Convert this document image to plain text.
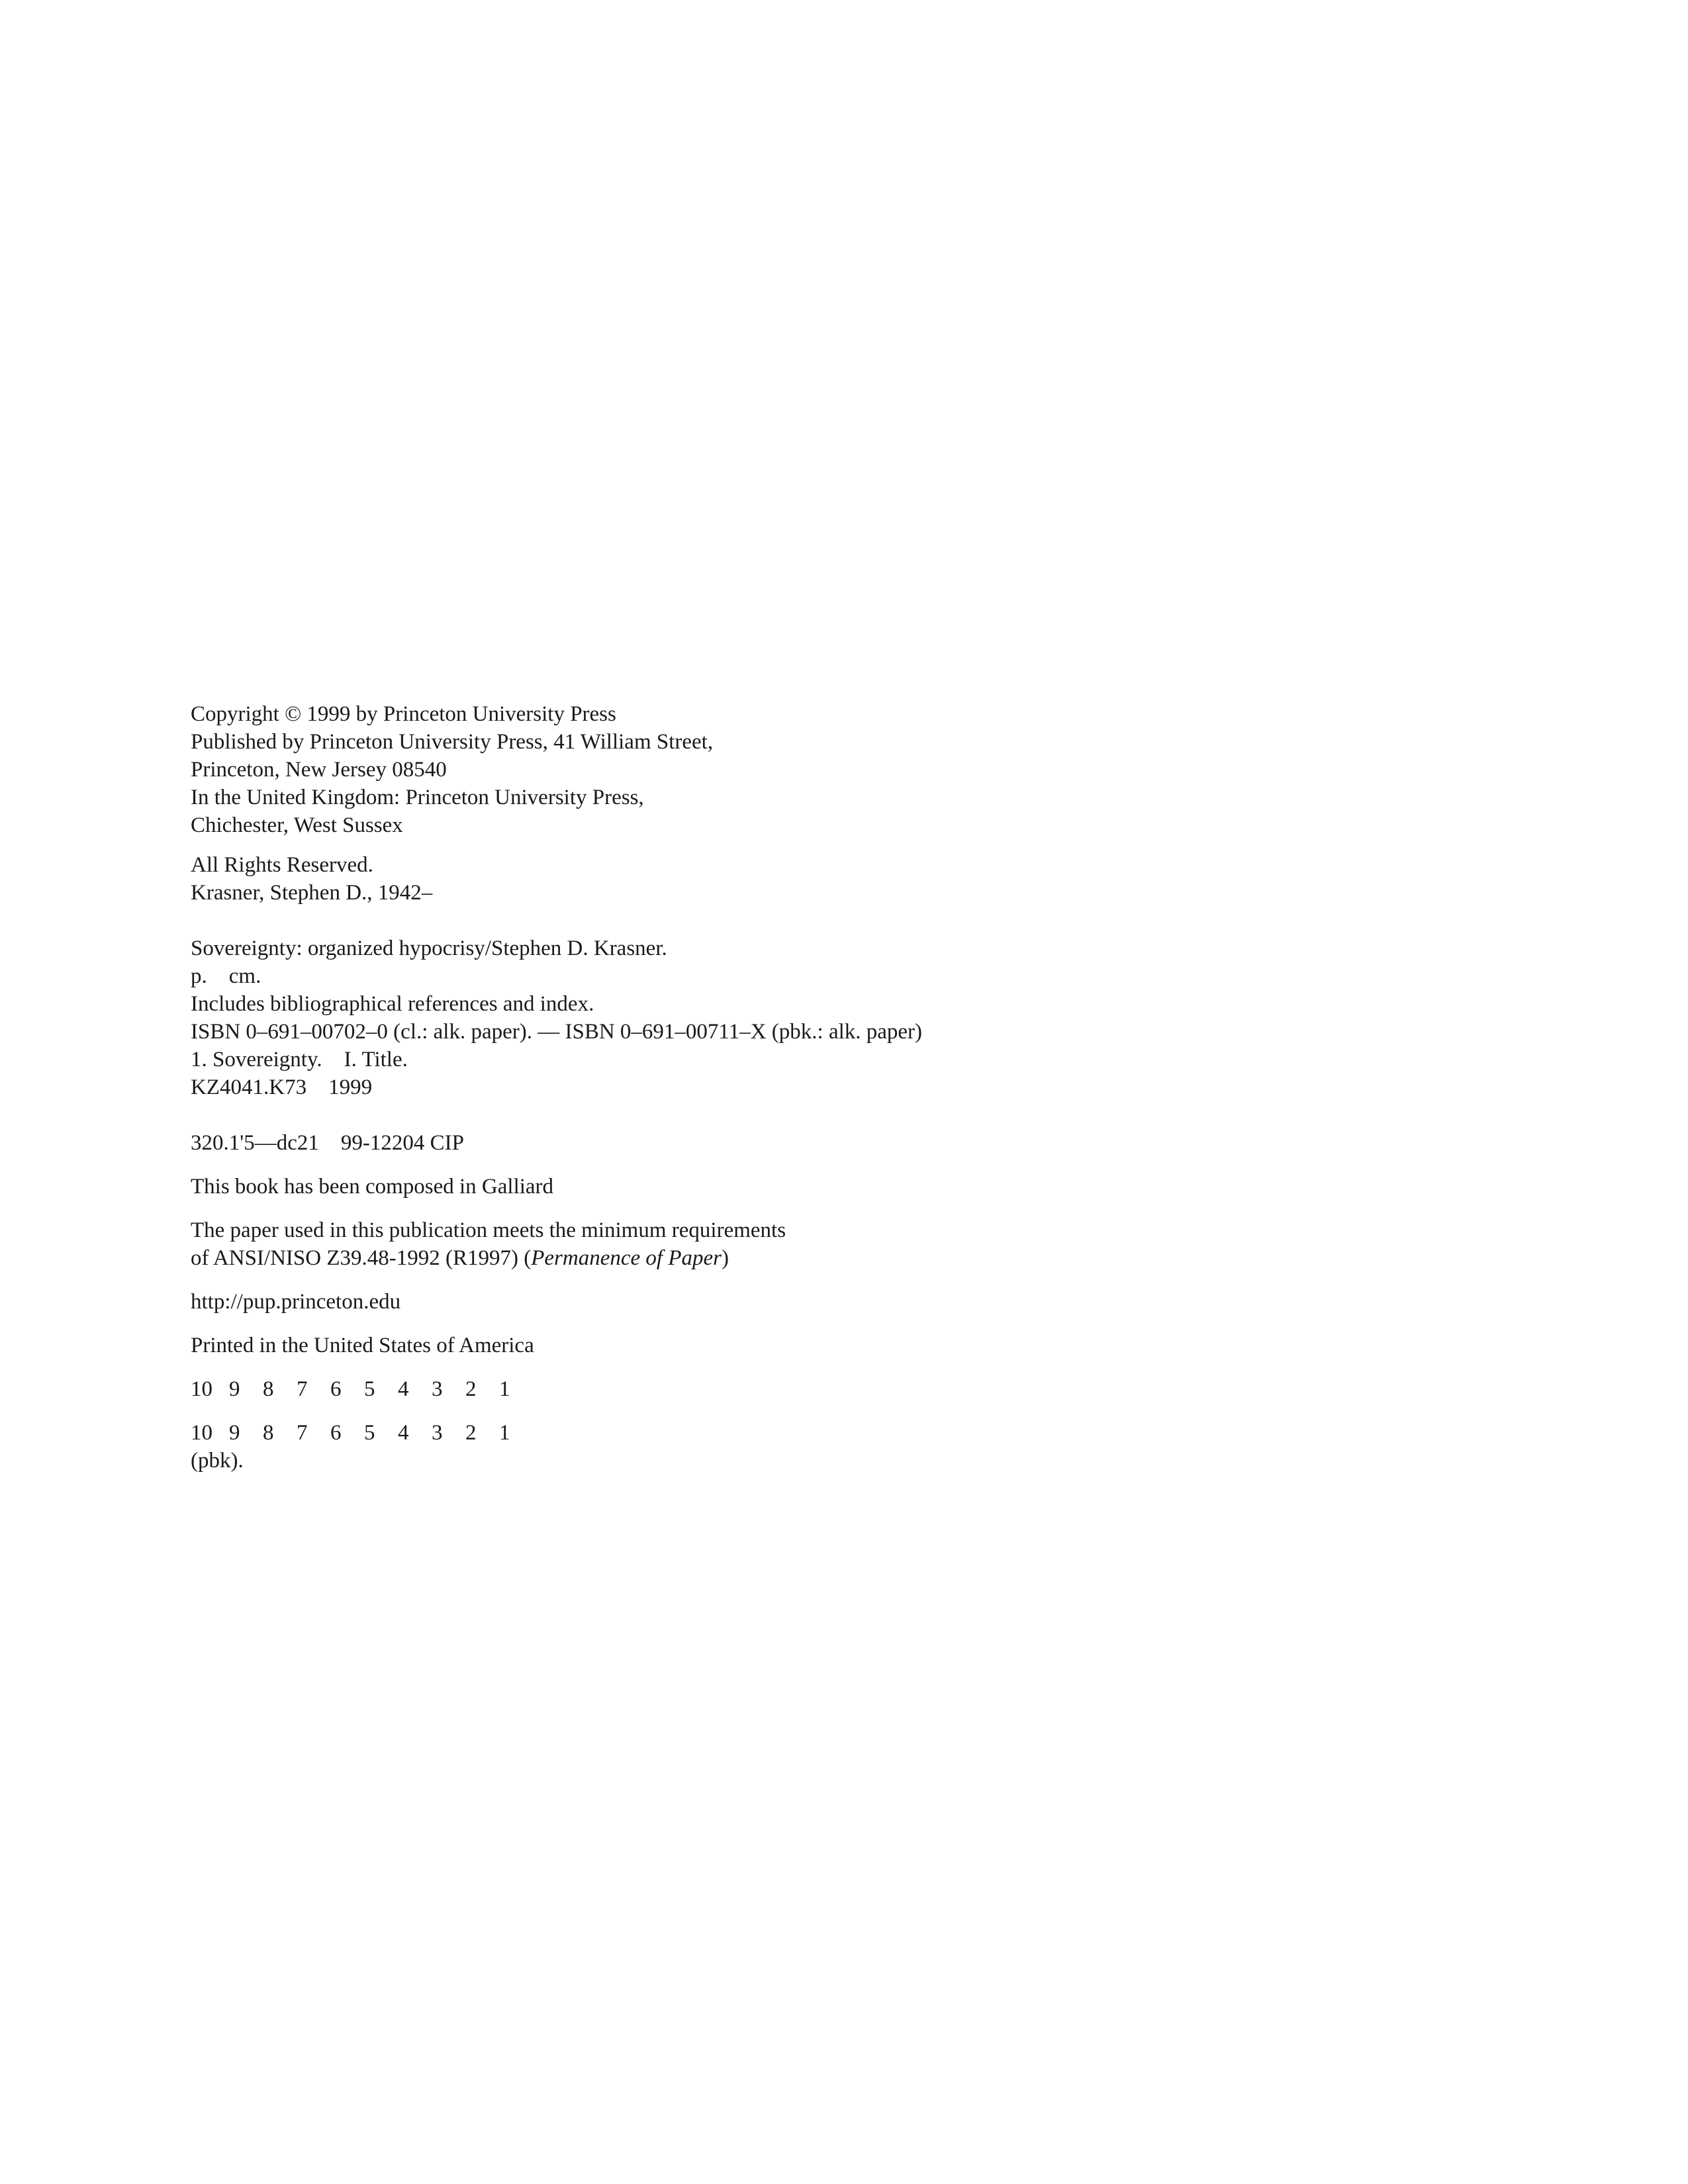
Copyright © 1999 by Princeton University Press
Published by Princeton University Press, 41 William Street,
Princeton, New Jersey 08540
In the United Kingdom: Princeton University Press,
Chichester, West Sussex
All Rights Reserved.
Krasner, Stephen D., 1942–
Sovereignty: organized hypocrisy/Stephen D. Krasner.
p.    cm.
Includes bibliographical references and index.
ISBN 0–691–00702–0 (cl.: alk. paper). — ISBN 0–691–00711–X (pbk.: alk. paper)
1. Sovereignty.    I. Title.
KZ4041.K73    1999
320.1'5—dc21    99-12204 CIP
This book has been composed in Galliard
The paper used in this publication meets the minimum requirements
of ANSI/NISO Z39.48-1992 (R1997) (Permanence of Paper)
http://pup.princeton.edu
Printed in the United States of America
10 9	8	7	6	5	4	3	2	1
10 9	8	7	6	5	4	3	2	1
(pbk).
